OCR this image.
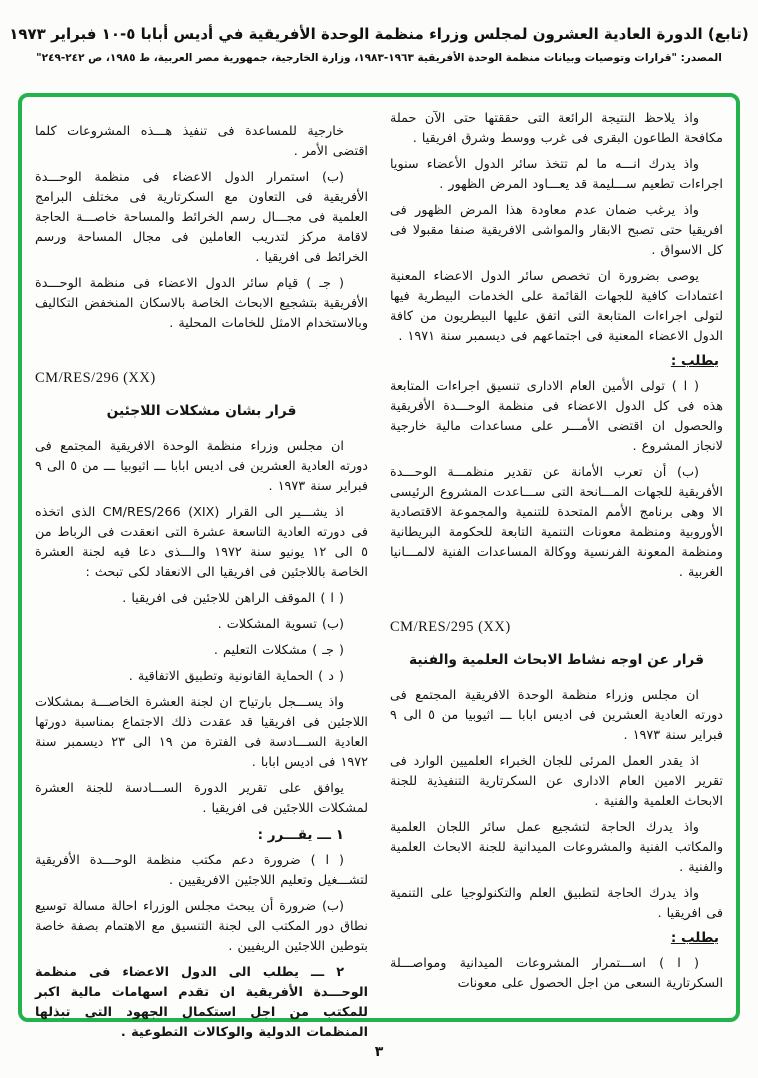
(تابع) الدورة العادية العشرون لمجلس وزراء منظمة الوحدة الأفريقية في أديس أبابا ٥-١٠ فبراير ١٩٧٣
المصدر: "قرارات وتوصيات وبيانات منظمة الوحدة الأفريقية ١٩٦٣-١٩٨٣، وزارة الخارجية، جمهورية مصر العربية، ط ١٩٨٥، ص ٢٤٢-٢٤٩"
واذ يلاحظ النتيجة الرائعة التى حققتها حتى الآن حملة مكافحة الطاعون البقرى فى غرب ووسط وشرق افريقيا .
واذ يدرك انـــه ما لم تتخذ سائر الدول الأعضاء سنويا اجراءات تطعيم ســـليمة قد يعـــاود المرض الظهور .
واذ يرغب ضمان عدم معاودة هذا المرض الظهور فى افريقيا حتى تصبح الابقار والمواشى الافريقية صنفا مقبولا فى كل الاسواق .
يوصى بضرورة ان تخصص سائر الدول الاعضاء المعنية اعتمادات كافية للجهات القائمة على الخدمات البيطرية فيها لتولى اجراءات المتابعة التى اتفق عليها البيطريون من كافة الدول الاعضاء المعنية فى اجتماعهم فى ديسمبر سنة ١٩٧١ .
يطلب :
( ا ) تولى الأمين العام الادارى تنسيق اجراءات المتابعة هذه فى كل الدول الاعضاء فى منظمة الوحـــدة الأفريقية والحصول ان اقتضى الأمـــر على مساعدات مالية خارجية لانجاز المشروع .
(ب) أن تعرب الأمانة عن تقدير منظمـــة الوحـــدة الأفريقية للجهات المـــانحة التى ســـاعدت المشروع الرئيسى الا وهى برنامج الأمم المتحدة للتنمية والمجموعة الاقتصادية الأوروبية ومنظمة معونات التنمية التابعة للحكومة البريطانية ومنظمة المعونة الفرنسية ووكالة المساعدات الفنية لالمـــانيا الغربية .
CM/RES/295 (XX)
قرار عن اوجه نشاط الابحاث العلمية والفنية
ان مجلس وزراء منظمة الوحدة الافريقية المجتمع فى دورته العادية العشرين فى اديس ابابا ـــ اثيوبيا من ٥ الى ٩ فبراير سنة ١٩٧٣ .
اذ يقدر العمل المرئى للجان الخبراء العلميين الوارد فى تقرير الامين العام الادارى عن السكرتارية التنفيذية للجنة الابحاث العلمية والفنية .
واذ يدرك الحاجة لتشجيع عمل سائر اللجان العلمية والمكاتب الفنية والمشروعات الميدانية للجنة الابحاث العلمية والفنية .
واذ يدرك الحاجة لتطبيق العلم والتكنولوجيا على التنمية فى افريقيا .
يطلب :
( ا ) اســـتمرار المشروعات الميدانية ومواصـــلة السكرتارية السعى من اجل الحصول على معونات
خارجية للمساعدة فى تنفيذ هـــذه المشروعات كلما اقتضى الأمر .
(ب) استمرار الدول الاعضاء فى منظمة الوحـــدة الأفريقية فى التعاون مع السكرتارية فى مختلف البرامج العلمية فى مجـــال رسم الخرائط والمساحة خاصـــة الحاجة لاقامة مركز لتدريب العاملين فى مجال المساحة ورسم الخرائط فى افريقيا .
( جـ ) قيام سائر الدول الاعضاء فى منظمة الوحـــدة الأفريقية بتشجيع الابحاث الخاصة بالاسكان المنخفض التكاليف وبالاستخدام الامثل للخامات المحلية .
CM/RES/296 (XX)
قرار بشان مشكلات اللاجئين
ان مجلس وزراء منظمة الوحدة الافريقية المجتمع فى دورته العادية العشرين فى اديس ابابا ـــ اثيوبيا ـــ من ٥ الى ٩ فبراير سنة ١٩٧٣ .
اذ يشـــير الى القرار CM/RES/266 (XIX) الذى اتخذه فى دورته العادية التاسعة عشرة التى انعقدت فى الرباط من ٥ الى ١٢ يونيو سنة ١٩٧٢ والـــذى دعا فيه لجنة العشرة الخاصة باللاجئين فى افريقيا الى الانعقاد لكى تبحث :
( ا ) الموقف الراهن للاجئين فى افريقيا .
(ب) تسوية المشكلات .
( جـ ) مشكلات التعليم .
( د ) الحماية القانونية وتطبيق الاتفاقية .
واذ يســـجل بارتياح ان لجنة العشرة الخاصـــة بمشكلات اللاجئين فى افريقيا قد عقدت ذلك الاجتماع بمناسبة دورتها العادية الســـادسة فى الفترة من ١٩ الى ٢٣ ديسمبر سنة ١٩٧٢ فى اديس ابابا .
يوافق على تقرير الدورة الســـادسة للجنة العشرة لمشكلات اللاجئين فى افريقيا .
١ ـــ يقـــرر :
( ا ) ضرورة دعم مكتب منظمة الوحـــدة الأفريقية لتشـــغيل وتعليم اللاجئين الافريقيين .
(ب) ضرورة أن يبحث مجلس الوزراء احالة مسالة توسيع نطاق دور المكتب الى لجنة التنسيق مع الاهتمام بصفة خاصة بتوطين اللاجئين الريفيين .
٢ ـــ يطلب الى الدول الاعضاء فى منظمة الوحـــدة الأفريقية ان تقدم اسهامات مالية اكبر للمكتب من اجل استكمال الجهود التى تبذلها المنظمات الدولية والوكالات التطوعية .
٣
